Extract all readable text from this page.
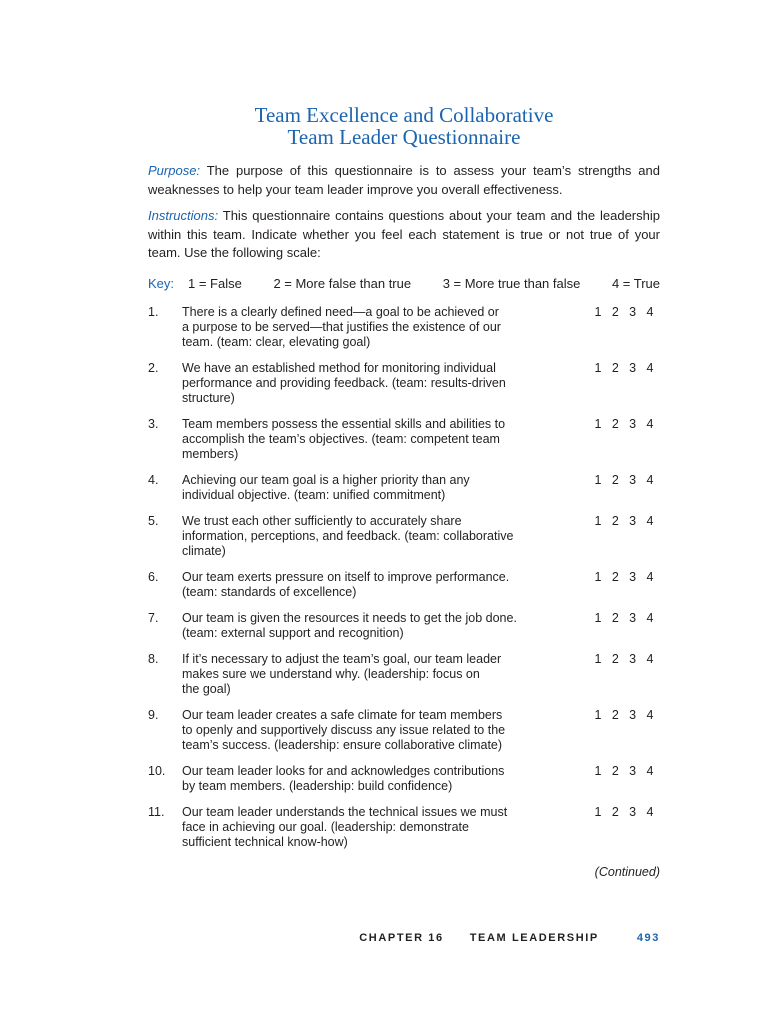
Team Excellence and Collaborative
Team Leader Questionnaire
Purpose: The purpose of this questionnaire is to assess your team’s strengths and weaknesses to help your team leader improve you overall effectiveness.
Instructions: This questionnaire contains questions about your team and the leadership within this team. Indicate whether you feel each statement is true or not true of your team. Use the following scale:
Key: 1 = False 2 = More false than true 3 = More true than false 4 = True
1.	There is a clearly defined need—a goal to be achieved or
a purpose to be served—that justifies the existence of our
team. (team: clear, elevating goal)
1 2 3 4
2.	We have an established method for monitoring individual
performance and providing feedback. (team: results-driven
structure)
1 2 3 4
3.	Team members possess the essential skills and abilities to
accomplish the team’s objectives. (team: competent team
members)
1 2 3 4
4.	Achieving our team goal is a higher priority than any
individual objective. (team: unified commitment)
1 2 3 4
5.	We trust each other sufficiently to accurately share
information, perceptions, and feedback. (team: collaborative
climate)
1 2 3 4
6.	Our team exerts pressure on itself to improve performance.
(team: standards of excellence)
1 2 3 4
7.	Our team is given the resources it needs to get the job done.
(team: external support and recognition)
1 2 3 4
8.	If it’s necessary to adjust the team’s goal, our team leader
makes sure we understand why. (leadership: focus on
the goal)
1 2 3 4
9.	Our team leader creates a safe climate for team members
to openly and supportively discuss any issue related to the
team’s success. (leadership: ensure collaborative climate)
1 2 3 4
10.	Our team leader looks for and acknowledges contributions
by team members. (leadership: build confidence)
1 2 3 4
11.	Our team leader understands the technical issues we must
face in achieving our goal. (leadership: demonstrate
sufficient technical know-how)
1 2 3 4
(Continued)
CHAPTER 16 TEAM LEADERSHIP	493
